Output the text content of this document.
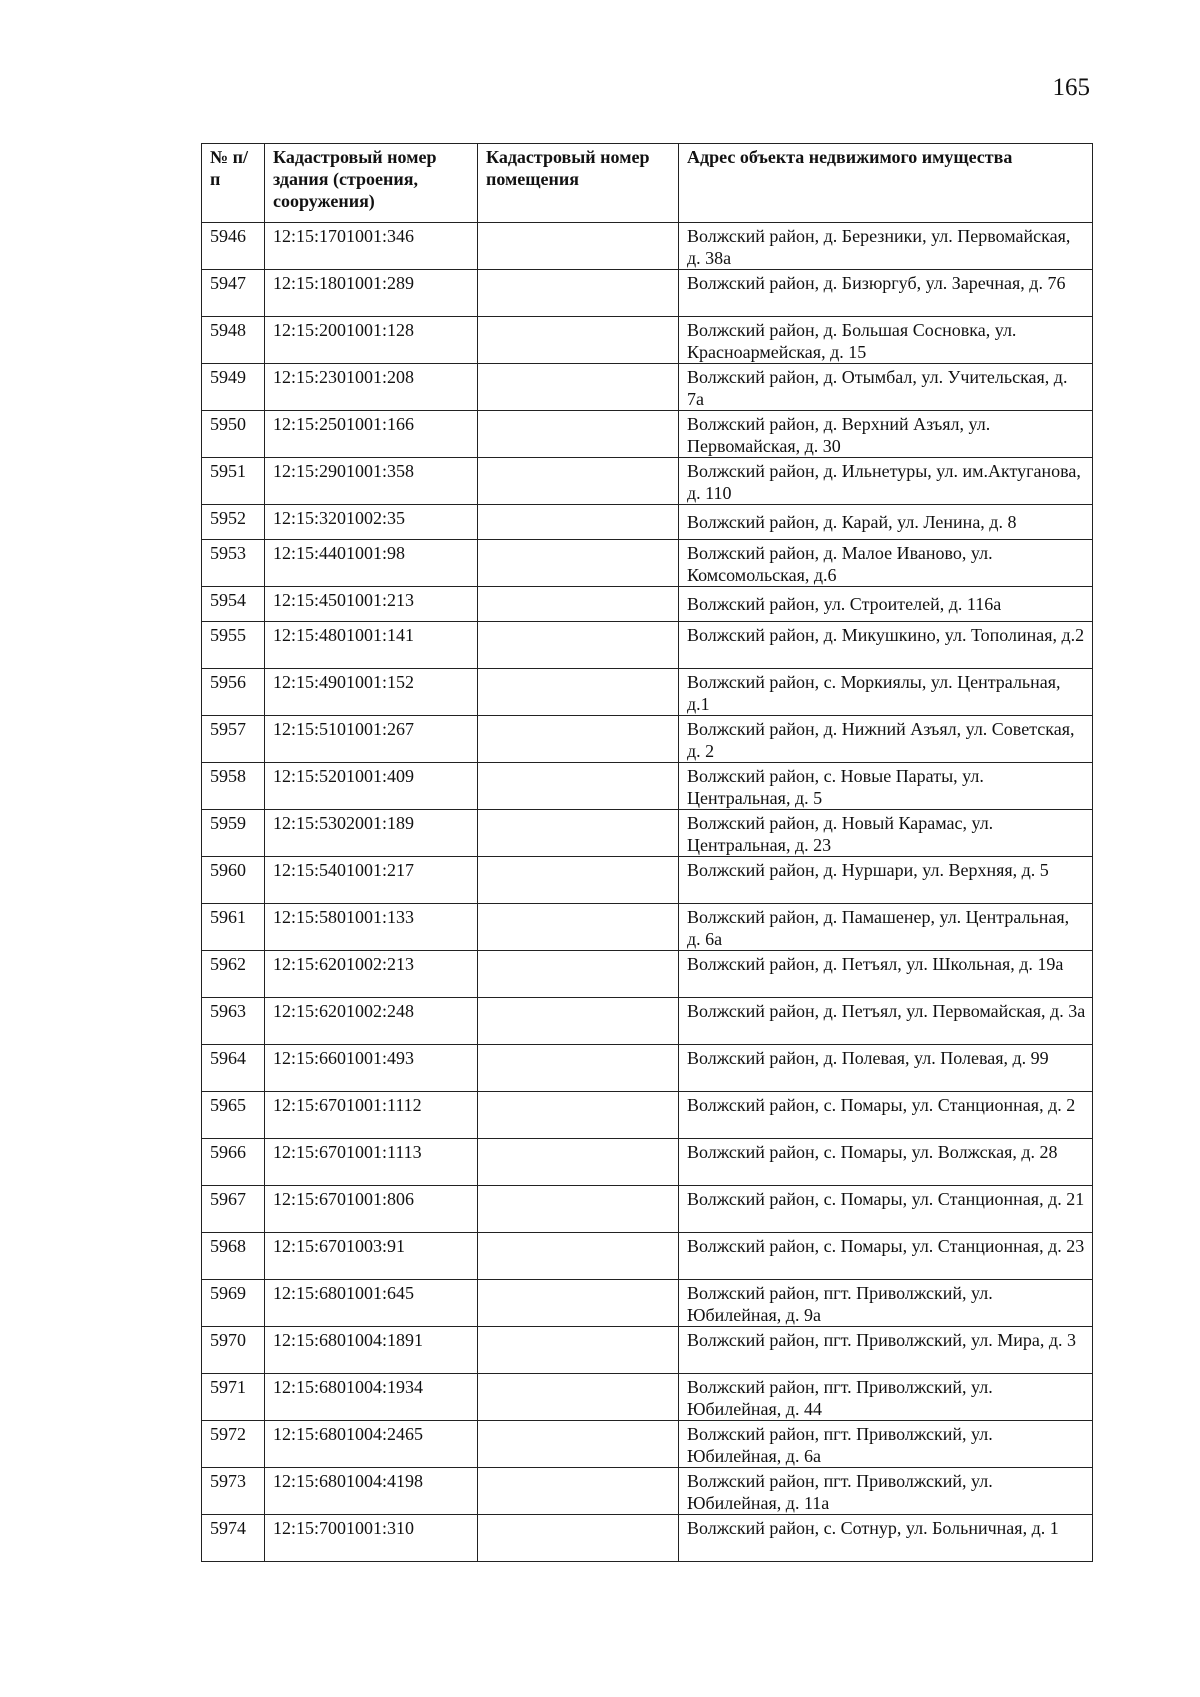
165
№ п/п	Кадастровый номер здания (строения, сооружения)	Кадастровый номер помещения	Адрес объекта недвижимого имущества
5946	12:15:1701001:346		Волжский район, д. Березники, ул. Первомайская, д. 38а
5947	12:15:1801001:289		Волжский район, д. Бизюргуб, ул. Заречная, д. 76
5948	12:15:2001001:128		Волжский район, д. Большая Сосновка, ул. Красноармейская, д. 15
5949	12:15:2301001:208		Волжский район, д. Отымбал, ул. Учительская, д. 7а
5950	12:15:2501001:166		Волжский район, д. Верхний Азъял, ул. Первомайская, д. 30
5951	12:15:2901001:358		Волжский район, д. Ильнетуры, ул. им.Актуганова, д. 110
5952	12:15:3201002:35		Волжский район, д. Карай, ул. Ленина, д. 8
5953	12:15:4401001:98		Волжский район, д. Малое Иваново, ул. Комсомольская, д.6
5954	12:15:4501001:213		Волжский район, ул. Строителей, д. 116а
5955	12:15:4801001:141		Волжский район, д. Микушкино, ул. Тополиная, д.2
5956	12:15:4901001:152		Волжский район, с. Моркиялы, ул. Центральная, д.1
5957	12:15:5101001:267		Волжский район, д. Нижний Азъял, ул. Советская, д. 2
5958	12:15:5201001:409		Волжский район, с. Новые Параты, ул. Центральная, д. 5
5959	12:15:5302001:189		Волжский район, д. Новый Карамас, ул. Центральная, д. 23
5960	12:15:5401001:217		Волжский район, д. Нуршари, ул. Верхняя, д. 5
5961	12:15:5801001:133		Волжский район, д. Памашенер, ул. Центральная, д. 6а
5962	12:15:6201002:213		Волжский район, д. Петъял, ул. Школьная, д. 19а
5963	12:15:6201002:248		Волжский район, д. Петъял, ул. Первомайская, д. 3а
5964	12:15:6601001:493		Волжский район, д. Полевая, ул. Полевая, д. 99
5965	12:15:6701001:1112		Волжский район, с. Помары, ул. Станционная, д. 2
5966	12:15:6701001:1113		Волжский район, с. Помары, ул. Волжская, д. 28
5967	12:15:6701001:806		Волжский район, с. Помары, ул. Станционная, д. 21
5968	12:15:6701003:91		Волжский район, с. Помары, ул. Станционная, д. 23
5969	12:15:6801001:645		Волжский район, пгт. Приволжский, ул. Юбилейная, д. 9а
5970	12:15:6801004:1891		Волжский район, пгт. Приволжский, ул. Мира, д. 3
5971	12:15:6801004:1934		Волжский район, пгт. Приволжский, ул. Юбилейная, д. 44
5972	12:15:6801004:2465		Волжский район, пгт. Приволжский, ул. Юбилейная, д. 6а
5973	12:15:6801004:4198		Волжский район, пгт. Приволжский, ул. Юбилейная, д. 11а
5974	12:15:7001001:310		Волжский район, с. Сотнур, ул. Больничная, д. 1
